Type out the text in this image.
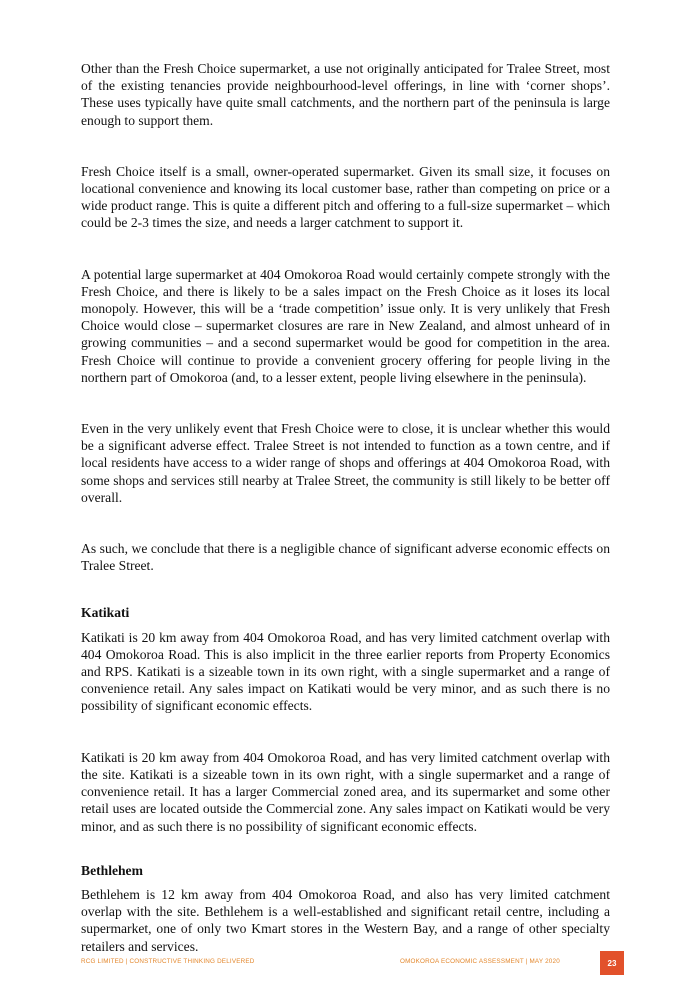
Other than the Fresh Choice supermarket, a use not originally anticipated for Tralee Street, most of the existing tenancies provide neighbourhood-level offerings, in line with ‘corner shops’. These uses typically have quite small catchments, and the northern part of the peninsula is large enough to support them.

Fresh Choice itself is a small, owner-operated supermarket. Given its small size, it focuses on locational convenience and knowing its local customer base, rather than competing on price or a wide product range. This is quite a different pitch and offering to a full-size supermarket – which could be 2-3 times the size, and needs a larger catchment to support it.

A potential large supermarket at 404 Omokoroa Road would certainly compete strongly with the Fresh Choice, and there is likely to be a sales impact on the Fresh Choice as it loses its local monopoly. However, this will be a ‘trade competition’ issue only. It is very unlikely that Fresh Choice would close – supermarket closures are rare in New Zealand, and almost unheard of in growing communities – and a second supermarket would be good for competition in the area. Fresh Choice will continue to provide a convenient grocery offering for people living in the northern part of Omokoroa (and, to a lesser extent, people living elsewhere in the peninsula).

Even in the very unlikely event that Fresh Choice were to close, it is unclear whether this would be a significant adverse effect. Tralee Street is not intended to function as a town centre, and if local residents have access to a wider range of shops and offerings at 404 Omokoroa Road, with some shops and services still nearby at Tralee Street, the community is still likely to be better off overall.

As such, we conclude that there is a negligible chance of significant adverse economic effects on Tralee Street.

Katikati

Katikati is 20 km away from 404 Omokoroa Road, and has very limited catchment overlap with 404 Omokoroa Road. This is also implicit in the three earlier reports from Property Economics and RPS. Katikati is a sizeable town in its own right, with a single supermarket and a range of convenience retail. Any sales impact on Katikati would be very minor, and as such there is no possibility of significant economic effects.

Katikati is 20 km away from 404 Omokoroa Road, and has very limited catchment overlap with the site. Katikati is a sizeable town in its own right, with a single supermarket and a range of convenience retail. It has a larger Commercial zoned area, and its supermarket and some other retail uses are located outside the Commercial zone. Any sales impact on Katikati would be very minor, and as such there is no possibility of significant economic effects.

Bethlehem

Bethlehem is 12 km away from 404 Omokoroa Road, and also has very limited catchment overlap with the site. Bethlehem is a well-established and significant retail centre, including a supermarket, one of only two Kmart stores in the Western Bay, and a range of other specialty retailers and services.

RCG LIMITED | CONSTRUCTIVE THINKING DELIVERED	OMOKOROA ECONOMIC ASSESSMENT | MAY 2020	23
